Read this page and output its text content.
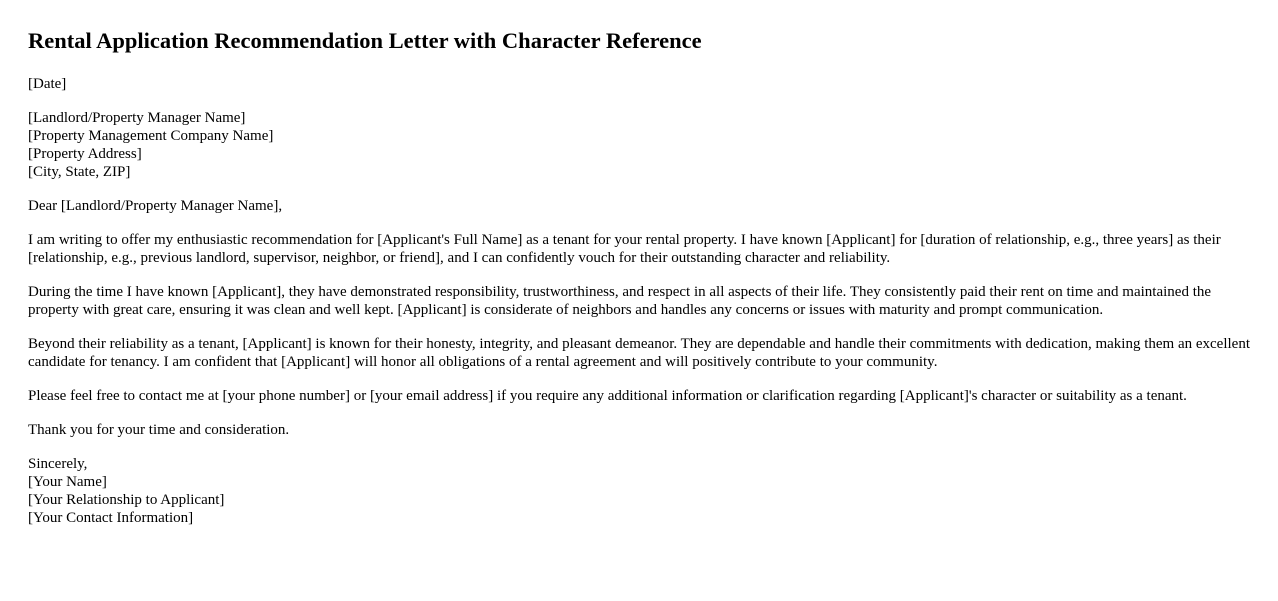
Rental Application Recommendation Letter with Character Reference

[Date]

[Landlord/Property Manager Name]
[Property Management Company Name]
[Property Address]
[City, State, ZIP]

Dear [Landlord/Property Manager Name],

I am writing to offer my enthusiastic recommendation for [Applicant's Full Name] as a tenant for your rental property. I have known [Applicant] for [duration of relationship, e.g., three years] as their [relationship, e.g., previous landlord, supervisor, neighbor, or friend], and I can confidently vouch for their outstanding character and reliability.

During the time I have known [Applicant], they have demonstrated responsibility, trustworthiness, and respect in all aspects of their life. They consistently paid their rent on time and maintained the property with great care, ensuring it was clean and well kept. [Applicant] is considerate of neighbors and handles any concerns or issues with maturity and prompt communication.

Beyond their reliability as a tenant, [Applicant] is known for their honesty, integrity, and pleasant demeanor. They are dependable and handle their commitments with dedication, making them an excellent candidate for tenancy. I am confident that [Applicant] will honor all obligations of a rental agreement and will positively contribute to your community.

Please feel free to contact me at [your phone number] or [your email address] if you require any additional information or clarification regarding [Applicant]'s character or suitability as a tenant.

Thank you for your time and consideration.

Sincerely,
[Your Name]
[Your Relationship to Applicant]
[Your Contact Information]
